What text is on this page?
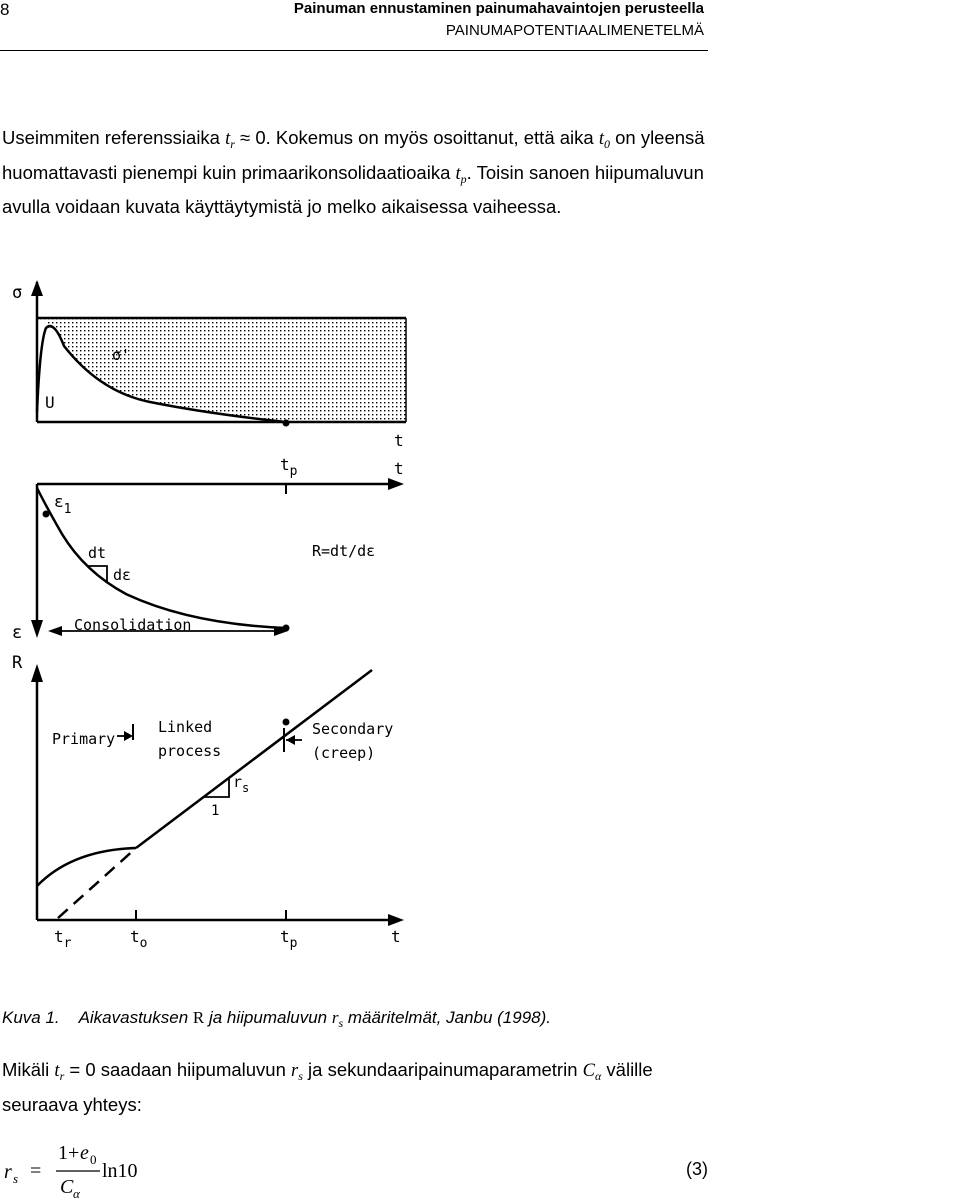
8	Painuman ennustaminen painumahavaintojen perusteella
PAINUMAPOTENTIAALIMENETELMÄ
Useimmiten referenssiaika $t_r \approx 0$. Kokemus on myös osoittanut, että aika $t_0$ on yleensä huomattavasti pienempi kuin primaarikonsolidaatioaika $t_p$. Toisin sanoen hiipumaluvun avulla voidaan kuvata käyttäytymistä jo melko aikaisessa vaiheessa.
σ
σ'
U
t
$t_p$	t
$\varepsilon_1$
dt
dε
R=dt/dε
ε	Consolidation
R
Primary
Linked
process
Secondary
(creep)
$r_s$
1
$t_r$	$t_o$	$t_p$	t
Kuva 1. Aikavastuksen R ja hiipumaluvun $r_s$ määritelmät, Janbu (1998).
Mikäli $t_r = 0$ saadaan hiipumaluvun $r_s$ ja sekundaaripainumaparametrin $C_\alpha$ välille seuraava yhteys:
r s =
1+ e 0
C α
ln10	(3)
